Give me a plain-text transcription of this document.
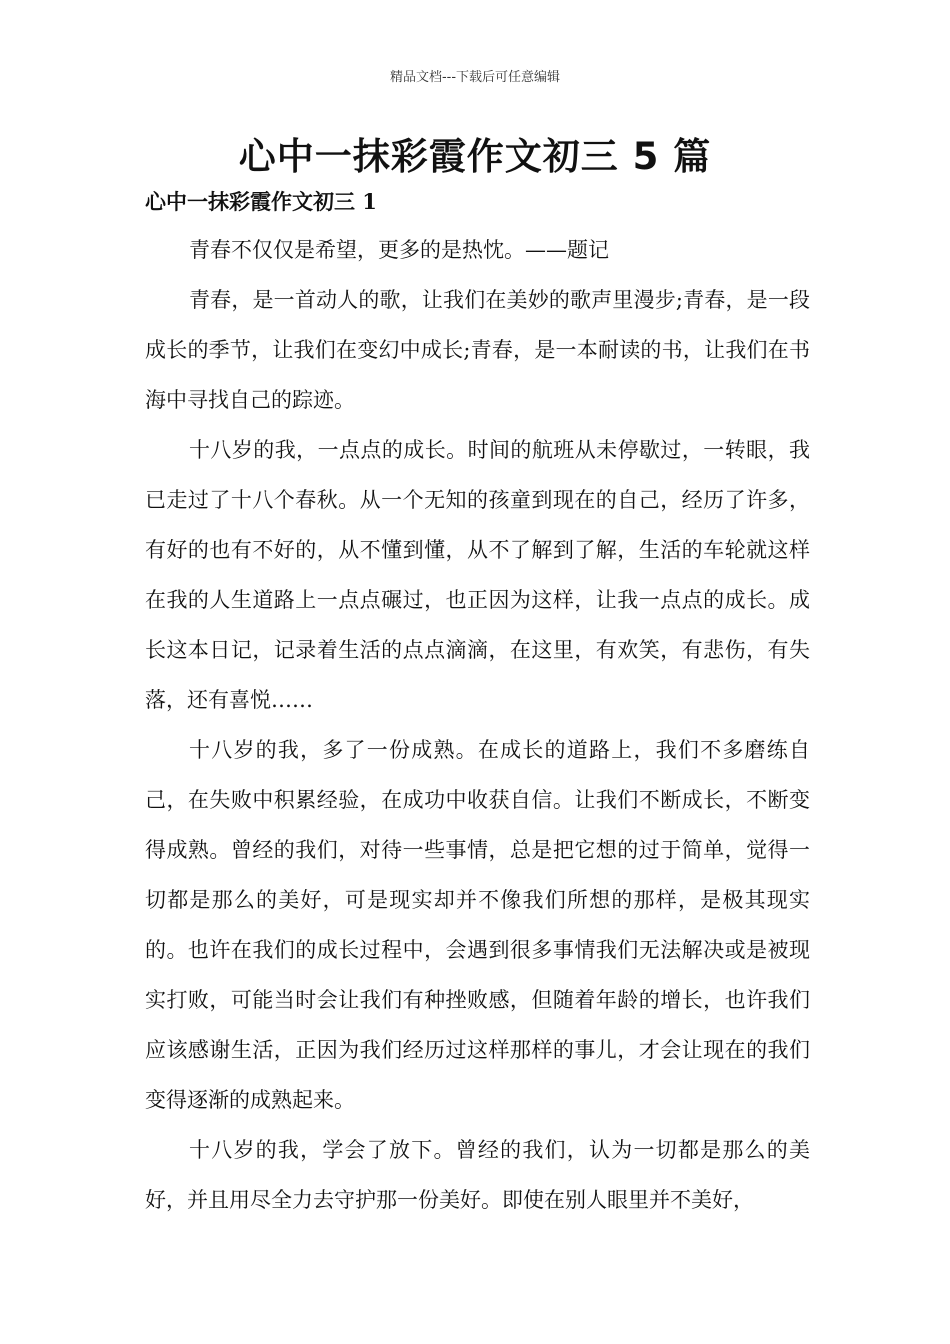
精品文档---下载后可任意编辑
心中一抹彩霞作文初三 5 篇
心中一抹彩霞作文初三 1

青春不仅仅是希望，更多的是热忱。——题记

青春，是一首动人的歌，让我们在美妙的歌声里漫步;青春，是一段成长的季节，让我们在变幻中成长;青春，是一本耐读的书，让我们在书海中寻找自己的踪迹。

十八岁的我，一点点的成长。时间的航班从未停歇过，一转眼，我已走过了十八个春秋。从一个无知的孩童到现在的自己，经历了许多，有好的也有不好的，从不懂到懂，从不了解到了解，生活的车轮就这样在我的人生道路上一点点碾过，也正因为这样，让我一点点的成长。成长这本日记，记录着生活的点点滴滴，在这里，有欢笑，有悲伤，有失落，还有喜悦……

十八岁的我，多了一份成熟。在成长的道路上，我们不多磨练自己，在失败中积累经验，在成功中收获自信。让我们不断成长，不断变得成熟。曾经的我们，对待一些事情，总是把它想的过于简单，觉得一切都是那么的美好，可是现实却并不像我们所想的那样，是极其现实的。也许在我们的成长过程中，会遇到很多事情我们无法解决或是被现实打败，可能当时会让我们有种挫败感，但随着年龄的增长，也许我们应该感谢生活，正因为我们经历过这样那样的事儿，才会让现在的我们变得逐渐的成熟起来。

十八岁的我，学会了放下。曾经的我们，认为一切都是那么的美好，并且用尽全力去守护那一份美好。即使在别人眼里并不美好，
